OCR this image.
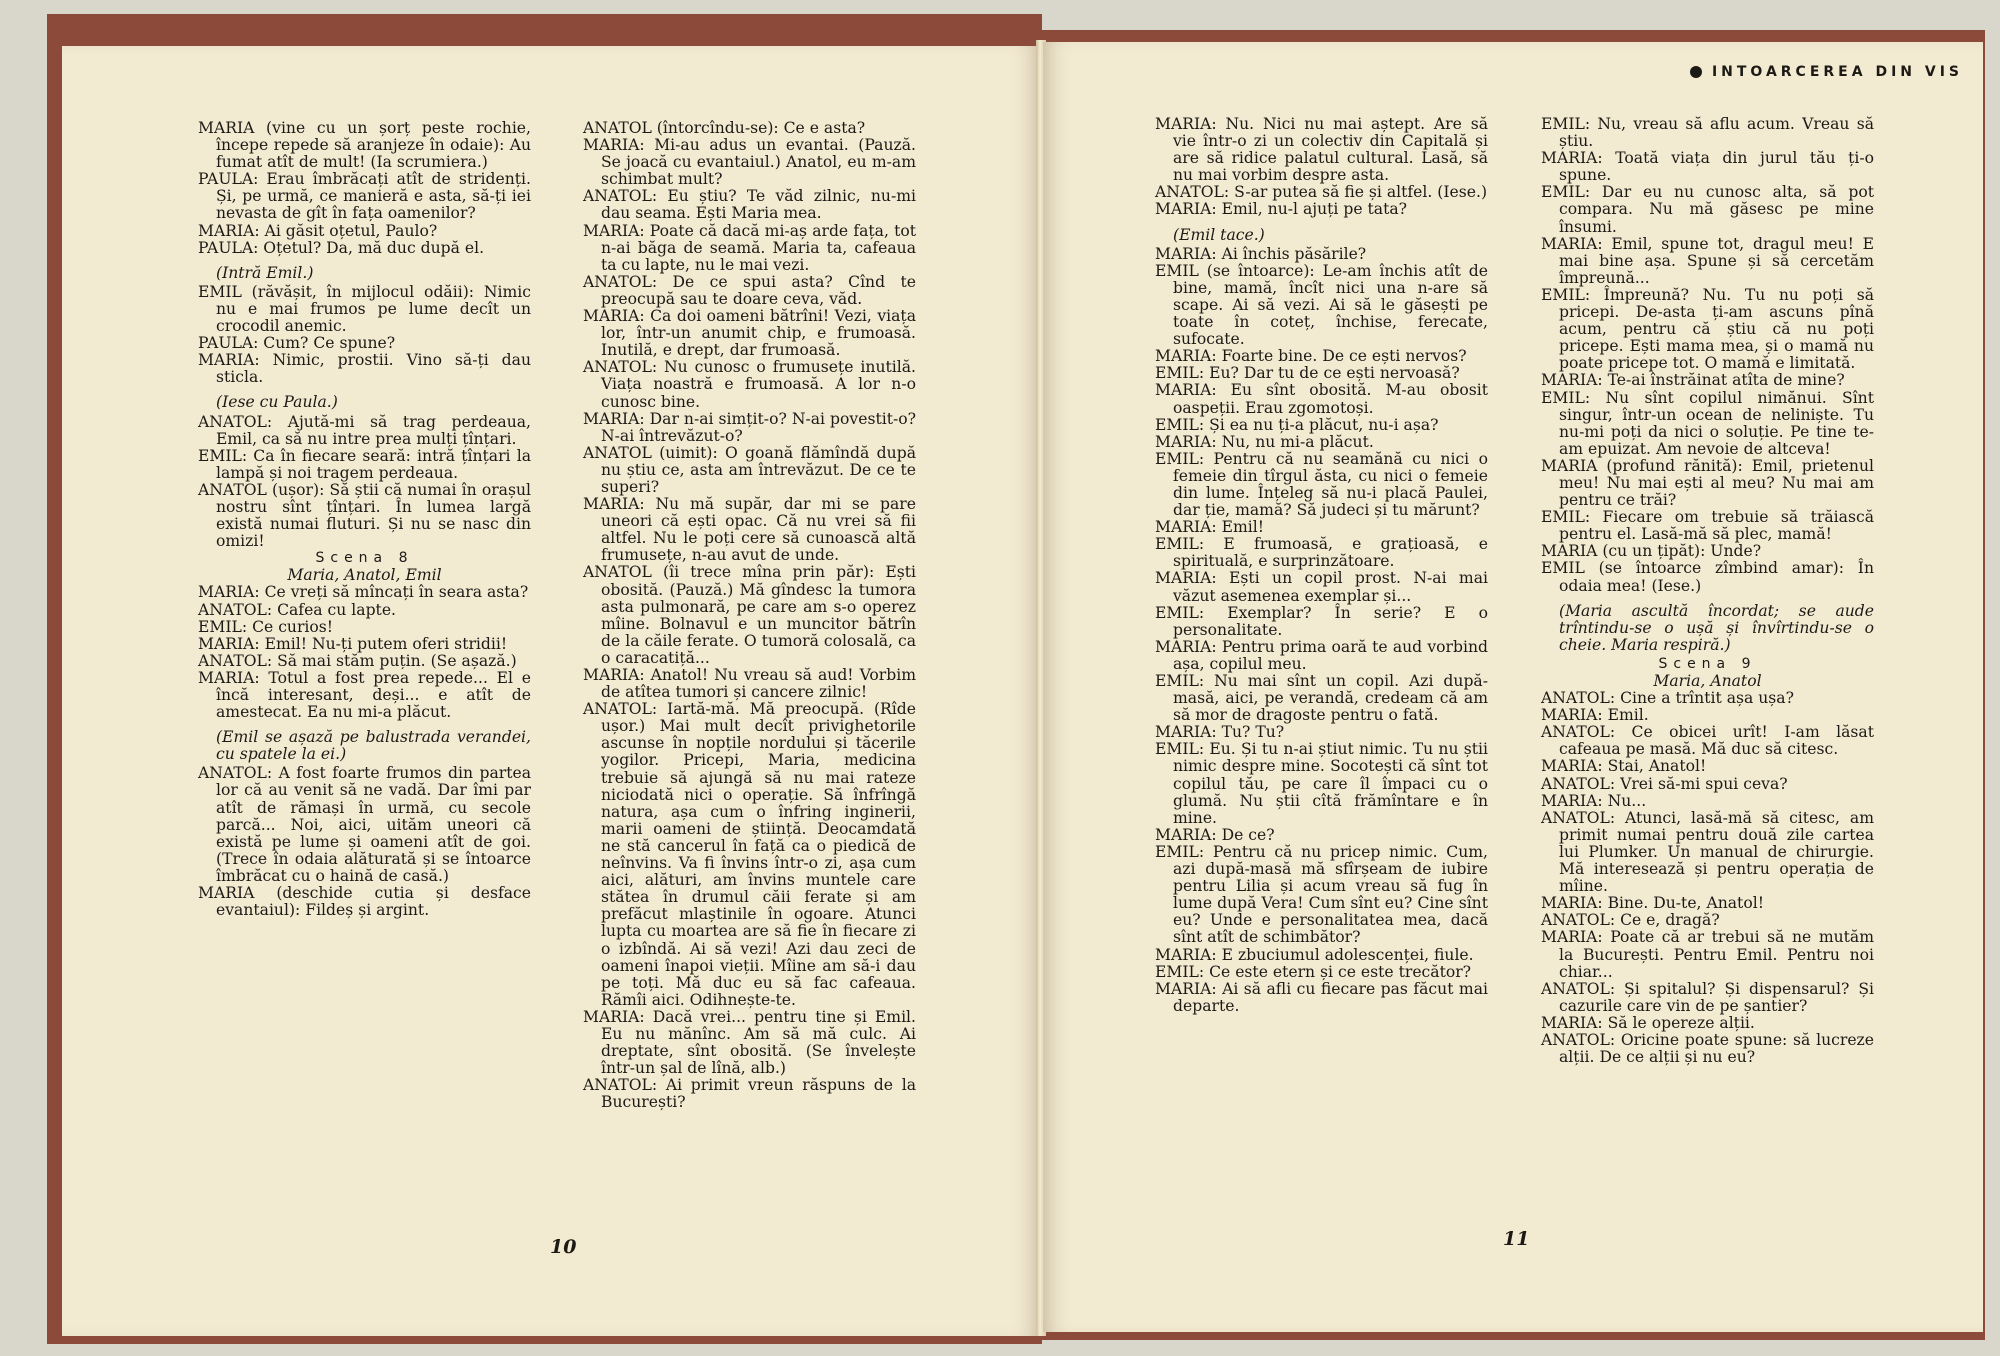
MARIA (vine cu un șorț peste rochie, începe repede să aranjeze în odaie): Au fumat atît de mult! (Ia scrumiera.)

PAULA: Erau îmbrăcați atît de stridenți. Și, pe urmă, ce manieră e asta, să-ți iei nevasta de gît în fața oamenilor?

MARIA: Ai găsit oțetul, Paulo?

PAULA: Oțetul? Da, mă duc după el.

(Intră Emil.)

EMIL (răvășit, în mijlocul odăii): Nimic nu e mai frumos pe lume decît un crocodil anemic.

PAULA: Cum? Ce spune?

MARIA: Nimic, prostii. Vino să-ți dau sticla.

(Iese cu Paula.)

ANATOL: Ajută-mi să trag perdeaua, Emil, ca să nu intre prea mulți țînțari.

EMIL: Ca în fiecare seară: intră țînțari la lampă și noi tragem perdeaua.

ANATOL (ușor): Să știi că numai în orașul nostru sînt țînțari. În lumea largă există numai fluturi. Și nu se nasc din omizi!

Scena 8

Maria, Anatol, Emil

MARIA: Ce vreți să mîncați în seara asta?

ANATOL: Cafea cu lapte.

EMIL: Ce curios!

MARIA: Emil! Nu-ți putem oferi stridii!

ANATOL: Să mai stăm puțin. (Se așază.)

MARIA: Totul a fost prea repede... El e încă interesant, deși... e atît de amestecat. Ea nu mi-a plăcut.

(Emil se așază pe balustrada verandei, cu spatele la ei.)

ANATOL: A fost foarte frumos din partea lor că au venit să ne vadă. Dar îmi par atît de rămași în urmă, cu secole parcă... Noi, aici, uităm uneori că există pe lume și oameni atît de goi. (Trece în odaia alăturată și se întoarce îmbrăcat cu o haină de casă.)

MARIA (deschide cutia și desface evantaiul): Fildeș și argint.

ANATOL (întorcîndu-se): Ce e asta?

MARIA: Mi-au adus un evantai. (Pauză. Se joacă cu evantaiul.) Anatol, eu m-am schimbat mult?

ANATOL: Eu știu? Te văd zilnic, nu-mi dau seama. Ești Maria mea.

MARIA: Poate că dacă mi-aș arde fața, tot n-ai băga de seamă. Maria ta, cafeaua ta cu lapte, nu le mai vezi.

ANATOL: De ce spui asta? Cînd te preocupă sau te doare ceva, văd.

MARIA: Ca doi oameni bătrîni! Vezi, viața lor, într-un anumit chip, e frumoasă. Inutilă, e drept, dar frumoasă.

ANATOL: Nu cunosc o frumusețe inutilă. Viața noastră e frumoasă. A lor n-o cunosc bine.

MARIA: Dar n-ai simțit-o? N-ai povestit-o? N-ai întrevăzut-o?

ANATOL (uimit): O goană flămîndă după nu știu ce, asta am întrevăzut. De ce te superi?

MARIA: Nu mă supăr, dar mi se pare uneori că ești opac. Că nu vrei să fii altfel. Nu le poți cere să cunoască altă frumusețe, n-au avut de unde.

ANATOL (îi trece mîna prin păr): Ești obosită. (Pauză.) Mă gîndesc la tumora asta pulmonară, pe care am s-o operez mîine. Bolnavul e un muncitor bătrîn de la căile ferate. O tumoră colosală, ca o caracatiță...

MARIA: Anatol! Nu vreau să aud! Vorbim de atîtea tumori și cancere zilnic!

ANATOL: Iartă-mă. Mă preocupă. (Rîde ușor.) Mai mult decît privighetorile ascunse în nopțile nordului și tăcerile yogilor. Pricepi, Maria, medicina trebuie să ajungă să nu mai rateze niciodată nici o operație. Să înfrîngă natura, așa cum o înfring inginerii, marii oameni de știință. Deocamdată ne stă cancerul în față ca o piedică de neînvins. Va fi învins într-o zi, așa cum aici, alături, am învins muntele care stătea în drumul căii ferate și am prefăcut mlaștinile în ogoare. Atunci lupta cu moartea are să fie în fiecare zi o izbîndă. Ai să vezi! Azi dau zeci de oameni înapoi vieții. Mîine am să-i dau pe toți. Mă duc eu să fac cafeaua. Rămîi aici. Odihnește-te.

MARIA: Dacă vrei... pentru tine și Emil. Eu nu mănînc. Am să mă culc. Ai dreptate, sînt obosită. (Se învelește într-un șal de lînă, alb.)

ANATOL: Ai primit vreun răspuns de la București?

10
INTOARCEREA DIN VIS

MARIA: Nu. Nici nu mai aștept. Are să vie într-o zi un colectiv din Capitală și are să ridice palatul cultural. Lasă, să nu mai vorbim despre asta.

ANATOL: S-ar putea să fie și altfel. (Iese.)

MARIA: Emil, nu-l ajuți pe tata?

(Emil tace.)

MARIA: Ai închis păsările?

EMIL (se întoarce): Le-am închis atît de bine, mamă, încît nici una n-are să scape. Ai să vezi. Ai să le găsești pe toate în coteț, închise, ferecate, sufocate.

MARIA: Foarte bine. De ce ești nervos?

EMIL: Eu? Dar tu de ce ești nervoasă?

MARIA: Eu sînt obosită. M-au obosit oaspeții. Erau zgomotoși.

EMIL: Și ea nu ți-a plăcut, nu-i așa?

MARIA: Nu, nu mi-a plăcut.

EMIL: Pentru că nu seamănă cu nici o femeie din tîrgul ăsta, cu nici o femeie din lume. Înțeleg să nu-i placă Paulei, dar ție, mamă? Să judeci și tu mărunt?

MARIA: Emil!

EMIL: E frumoasă, e grațioasă, e spirituală, e surprinzătoare.

MARIA: Ești un copil prost. N-ai mai văzut asemenea exemplar și...

EMIL: Exemplar? În serie? E o personalitate.

MARIA: Pentru prima oară te aud vorbind așa, copilul meu.

EMIL: Nu mai sînt un copil. Azi după-masă, aici, pe verandă, credeam că am să mor de dragoste pentru o fată.

MARIA: Tu? Tu?

EMIL: Eu. Și tu n-ai știut nimic. Tu nu știi nimic despre mine. Socotești că sînt tot copilul tău, pe care îl împaci cu o glumă. Nu știi cîtă frămîntare e în mine.

MARIA: De ce?

EMIL: Pentru că nu pricep nimic. Cum, azi după-masă mă sfîrșeam de iubire pentru Lilia și acum vreau să fug în lume după Vera! Cum sînt eu? Cine sînt eu? Unde e personalitatea mea, dacă sînt atît de schimbător?

MARIA: E zbuciumul adolescenței, fiule.

EMIL: Ce este etern și ce este trecător?

MARIA: Ai să afli cu fiecare pas făcut mai departe.

EMIL: Nu, vreau să aflu acum. Vreau să știu.

MARIA: Toată viața din jurul tău ți-o spune.

EMIL: Dar eu nu cunosc alta, să pot compara. Nu mă găsesc pe mine însumi.

MARIA: Emil, spune tot, dragul meu! E mai bine așa. Spune și să cercetăm împreună...

EMIL: Împreună? Nu. Tu nu poți să pricepi. De-asta ți-am ascuns pînă acum, pentru că știu că nu poți pricepe. Ești mama mea, și o mamă nu poate pricepe tot. O mamă e limitată.

MARIA: Te-ai înstrăinat atîta de mine?

EMIL: Nu sînt copilul nimănui. Sînt singur, într-un ocean de neliniște. Tu nu-mi poți da nici o soluție. Pe tine te-am epuizat. Am nevoie de altceva!

MARIA (profund rănită): Emil, prietenul meu! Nu mai ești al meu? Nu mai am pentru ce trăi?

EMIL: Fiecare om trebuie să trăiască pentru el. Lasă-mă să plec, mamă!

MARIA (cu un țipăt): Unde?

EMIL (se întoarce zîmbind amar): În odaia mea! (Iese.)

(Maria ascultă încordat; se aude trîntindu-se o ușă și învîrtindu-se o cheie. Maria respiră.)

Scena 9

Maria, Anatol

ANATOL: Cine a trîntit așa ușa?

MARIA: Emil.

ANATOL: Ce obicei urît! I-am lăsat cafeaua pe masă. Mă duc să citesc.

MARIA: Stai, Anatol!

ANATOL: Vrei să-mi spui ceva?

MARIA: Nu...

ANATOL: Atunci, lasă-mă să citesc, am primit numai pentru două zile cartea lui Plumker. Un manual de chirurgie. Mă interesează și pentru operația de mîine.

MARIA: Bine. Du-te, Anatol!

ANATOL: Ce e, dragă?

MARIA: Poate că ar trebui să ne mutăm la București. Pentru Emil. Pentru noi chiar...

ANATOL: Și spitalul? Și dispensarul? Și cazurile care vin de pe șantier?

MARIA: Să le opereze alții.

ANATOL: Oricine poate spune: să lucreze alții. De ce alții și nu eu?

11
